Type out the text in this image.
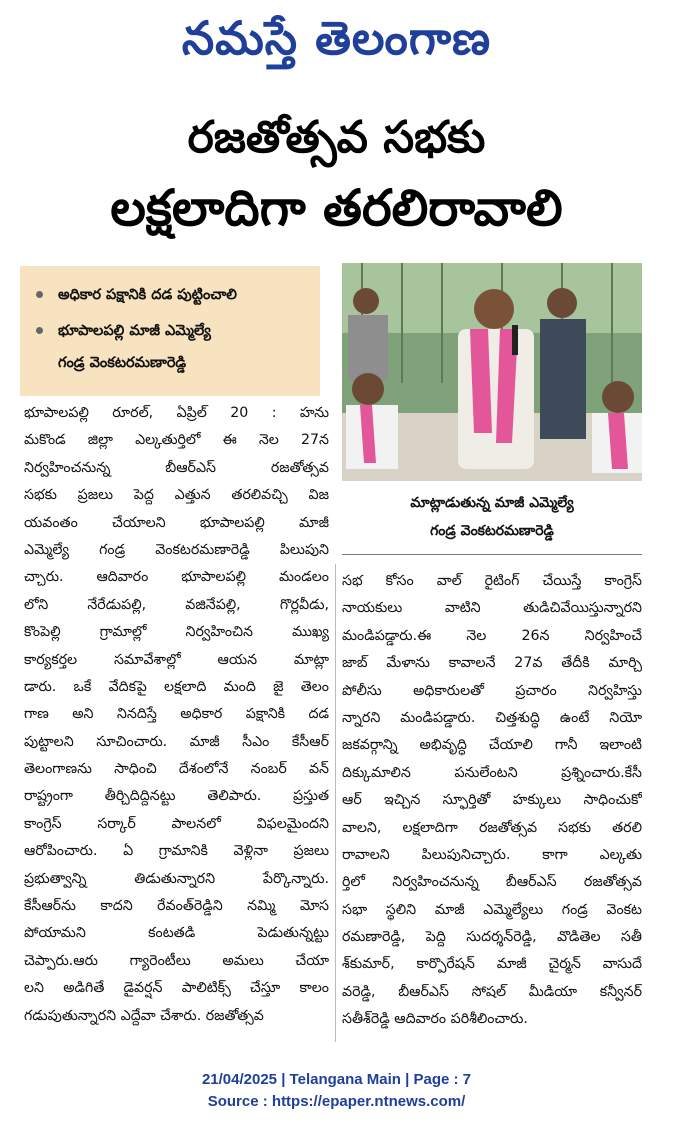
నమస్తే తెలంగాణ
రజతోత్సవ సభకు
లక్షలాదిగా తరలిరావాలి
అధికార పక్షానికి దడ పుట్టించాలి
భూపాలపల్లి మాజీ ఎమ్మెల్యే
గండ్ర వెంకటరమణారెడ్డి
మాట్లాడుతున్న మాజీ ఎమ్మెల్యే
గండ్ర వెంకటరమణారెడ్డి
భూపాలపల్లి రూరల్, ఏప్రిల్ 20 : హను
మకొండ జిల్లా ఎల్కతుర్తిలో ఈ నెల 27న
నిర్వహించనున్న బీఆర్ఎస్ రజతోత్సవ
సభకు ప్రజలు పెద్ద ఎత్తున తరలివచ్చి విజ
యవంతం చేయాలని భూపాలపల్లి మాజీ
ఎమ్మెల్యే గండ్ర వెంకటరమణారెడ్డి పిలుపుని
చ్చారు. ఆదివారం భూపాలపల్లి మండలం
లోని నేరేడుపల్లి, వజినేపల్లి, గొర్లవీడు,
కొంపెల్లి గ్రామాల్లో నిర్వహించిన ముఖ్య
కార్యకర్తల సమావేశాల్లో ఆయన మాట్లా
డారు. ఒకే వేదికపై లక్షలాది మంది జై తెలం
గాణ అని నినదిస్తే అధికార పక్షానికి దడ
పుట్టాలని సూచించారు. మాజీ సీఎం కేసీఆర్
తెలంగాణను సాధించి దేశంలోనే నంబర్ వన్
రాష్ట్రంగా తీర్చిదిద్దినట్టు తెలిపారు. ప్రస్తుత
కాంగ్రెస్ సర్కార్ పాలనలో విఫలమైందని
ఆరోపించారు. ఏ గ్రామానికి వెళ్లినా ప్రజలు
ప్రభుత్వాన్ని తిడుతున్నారని పేర్కొన్నారు.
కేసీఆర్‌ను కాదని రేవంత్‌రెడ్డిని నమ్మి మోస
పోయామని కంటతడి పెడుతున్నట్టు
చెప్పారు.ఆరు గ్యారెంటీలు అమలు చేయా
లని అడిగితే డైవర్షన్ పాలిటిక్స్ చేస్తూ కాలం
గడుపుతున్నారని ఎద్దేవా చేశారు. రజతోత్సవ
సభ కోసం వాల్ రైటింగ్ చేయిస్తే కాంగ్రెస్
నాయకులు వాటిని తుడిచివేయిస్తున్నారని
మండిపడ్డారు.ఈ నెల 26న నిర్వహించే
జాబ్ మేళాను కావాలనే 27వ తేదీకి మార్చి
పోలీసు అధికారులతో ప్రచారం నిర్వహిస్తు
న్నారని మండిపడ్డారు. చిత్తశుద్ధి ఉంటే నియో
జకవర్గాన్ని అభివృద్ధి చేయాలి గానీ ఇలాంటి
దిక్కుమాలిన పనులేంటని ప్రశ్నించారు.కేసీ
ఆర్ ఇచ్చిన స్ఫూర్తితో హక్కులు సాధించుకో
వాలని, లక్షలాదిగా రజతోత్సవ సభకు తరలి
రావాలని పిలుపునిచ్చారు. కాగా ఎల్కతు
ర్తిలో నిర్వహించనున్న బీఆర్ఎస్ రజతోత్సవ
సభా స్థలిని మాజీ ఎమ్మెల్యేలు గండ్ర వెంకట
రమణారెడ్డి, పెద్ది సుదర్శన్‌రెడ్డి, వొడితెల సతీ
శ్‌కుమార్, కార్పొరేషన్ మాజీ చైర్మన్ వాసుదే
వరెడ్డి, బీఆర్ఎస్ సోషల్ మీడియా కన్వీనర్
సతీశ్‌రెడ్డి ఆదివారం పరిశీలించారు.
21/04/2025 | Telangana Main | Page : 7
Source : https://epaper.ntnews.com/
